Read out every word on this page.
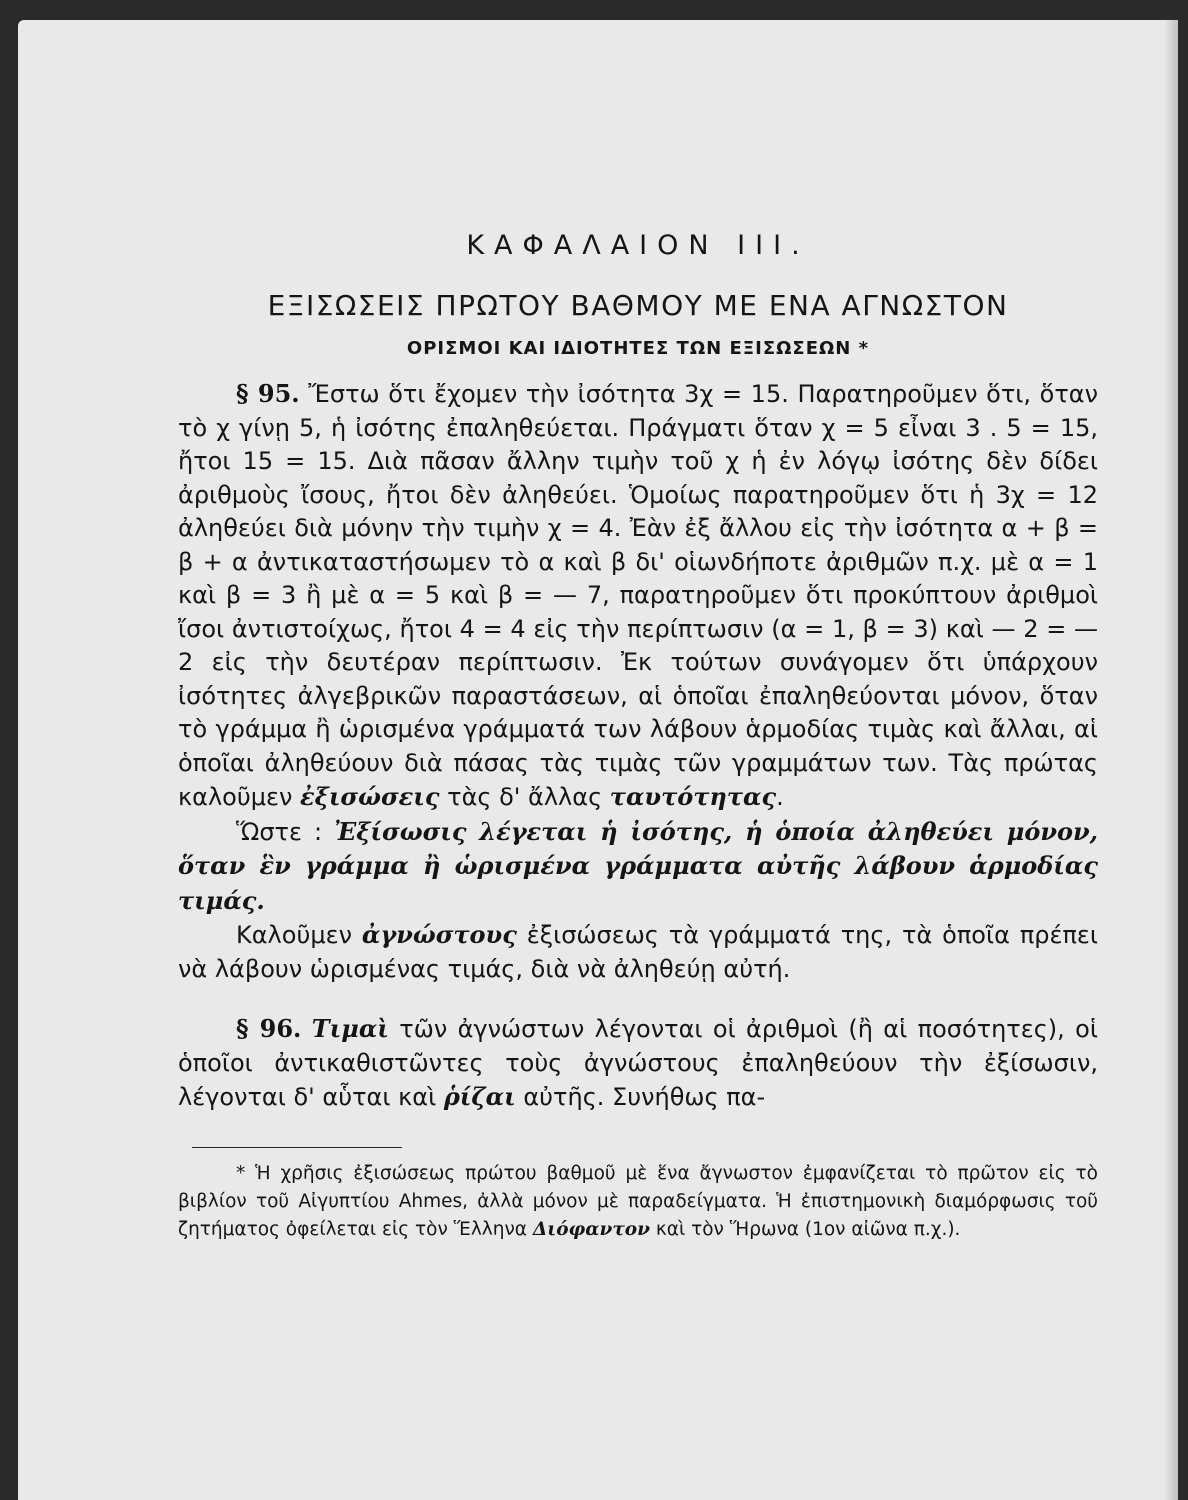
ΚΑΦΑΛΑΙΟΝ III.
ΕΞΙΣΩΣΕΙΣ ΠΡΩΤΟΥ ΒΑΘΜΟΥ ΜΕ ΕΝΑ ΑΓΝΩΣΤΟΝ
ΟΡΙΣΜΟΙ ΚΑΙ ΙΔΙΟΤΗΤΕΣ ΤΩΝ ΕΞΙΣΩΣΕΩΝ *

§ 95. Ἔστω ὅτι ἔχομεν τὴν ἰσότητα 3χ = 15. Παρατηροῦμεν ὅτι, ὅταν τὸ χ γίνῃ 5, ἡ ἰσότης ἐπαληθεύεται. Πράγματι ὅταν χ = 5 εἶναι 3 . 5 = 15, ἤτοι 15 = 15. Διὰ πᾶσαν ἄλλην τιμὴν τοῦ χ ἡ ἐν λόγῳ ἰσότης δὲν δίδει ἀριθμοὺς ἴσους, ἤτοι δὲν ἀληθεύει. Ὁμοίως παρατηροῦμεν ὅτι ἡ 3χ = 12 ἀληθεύει διὰ μόνην τὴν τιμὴν χ = 4. Ἐὰν ἐξ ἄλλου εἰς τὴν ἰσότητα α + β = β + α ἀντικαταστήσωμεν τὸ α καὶ β δι' οἱωνδήποτε ἀριθμῶν π.χ. μὲ α = 1 καὶ β = 3 ἢ μὲ α = 5 καὶ β = — 7, παρατηροῦμεν ὅτι προκύπτουν ἀριθμοὶ ἴσοι ἀντιστοίχως, ἤτοι 4 = 4 εἰς τὴν περίπτωσιν (α = 1, β = 3) καὶ — 2 = — 2 εἰς τὴν δευτέραν περίπτωσιν. Ἐκ τούτων συνάγομεν ὅτι ὑπάρχουν ἰσότητες ἀλγεβρικῶν παραστάσεων, αἱ ὁποῖαι ἐπαληθεύονται μόνον, ὅταν τὸ γράμμα ἢ ὡρισμένα γράμματά των λάβουν ἁρμοδίας τιμὰς καὶ ἄλλαι, αἱ ὁποῖαι ἀληθεύουν διὰ πάσας τὰς τιμὰς τῶν γραμμάτων των. Τὰς πρώτας καλοῦμεν ἐξισώσεις τὰς δ' ἄλλας ταυτότητας.

Ὥστε : Ἐξίσωσις λέγεται ἡ ἰσότης, ἡ ὁποία ἀληθεύει μόνον, ὅταν ἓν γράμμα ἢ ὡρισμένα γράμματα αὐτῆς λάβουν ἁρμοδίας τιμάς.

Καλοῦμεν ἀγνώστους ἐξισώσεως τὰ γράμματά της, τὰ ὁποῖα πρέπει νὰ λάβουν ὡρισμένας τιμάς, διὰ νὰ ἀληθεύῃ αὐτή.

§ 96. Τιμαὶ τῶν ἀγνώστων λέγονται οἱ ἀριθμοὶ (ἢ αἱ ποσότητες), οἱ ὁποῖοι ἀντικαθιστῶντες τοὺς ἀγνώστους ἐπαληθεύουν τὴν ἐξίσωσιν, λέγονται δ' αὗται καὶ ῥίζαι αὐτῆς. Συνήθως πα-

* Ἡ χρῆσις ἐξισώσεως πρώτου βαθμοῦ μὲ ἕνα ἄγνωστον ἐμφανίζεται τὸ πρῶτον εἰς τὸ βιβλίον τοῦ Αἰγυπτίου Ahmes, ἀλλὰ μόνον μὲ παραδείγματα. Ἡ ἐπιστημονικὴ διαμόρφωσις τοῦ ζητήματος ὀφείλεται εἰς τὸν Ἕλληνα Διόφαντον καὶ τὸν Ἥρωνα (1ον αἰῶνα π.χ.).
